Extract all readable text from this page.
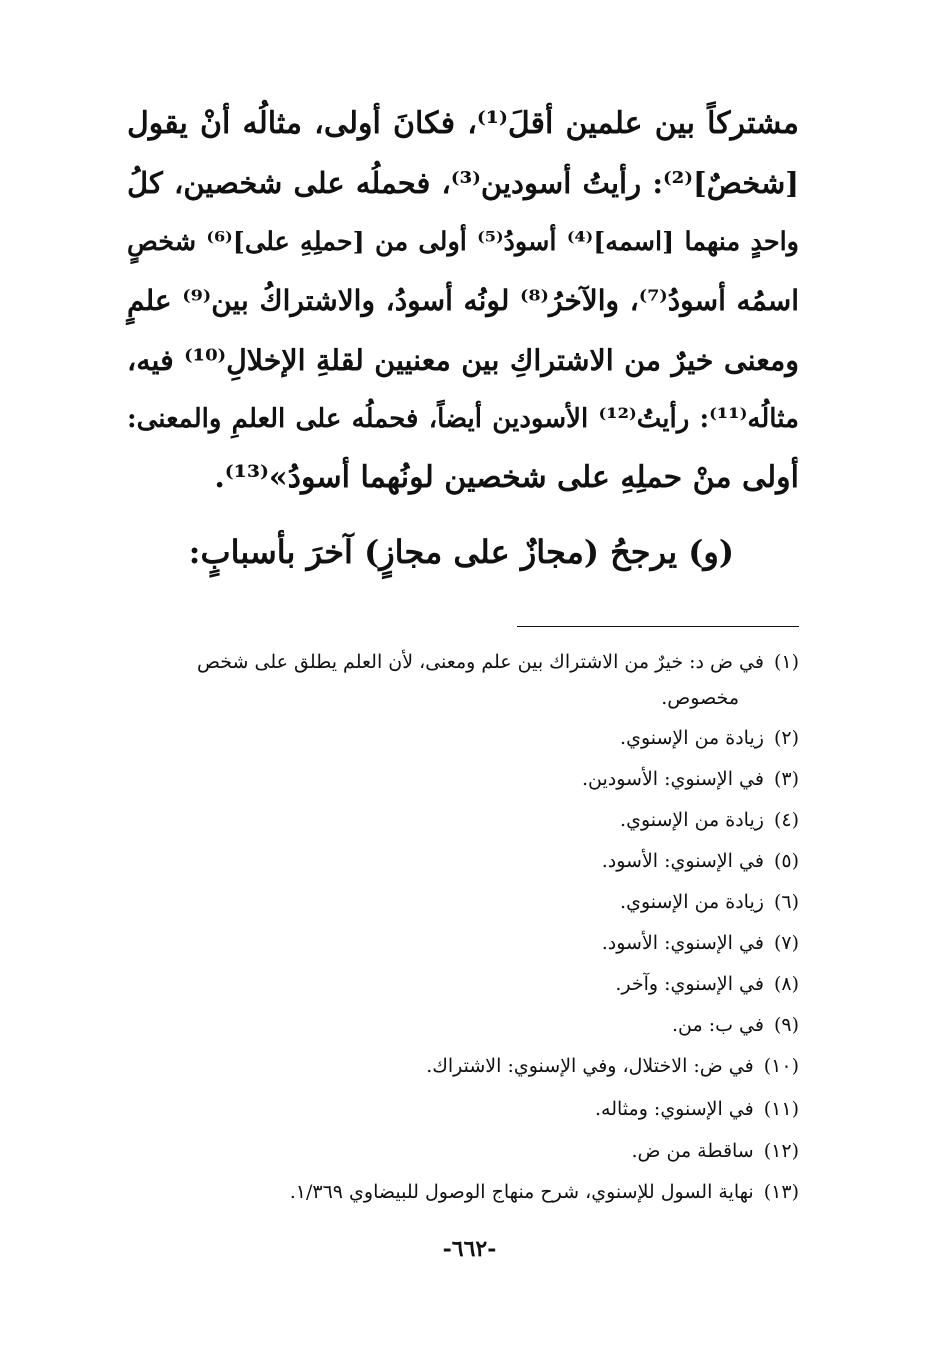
مشتركاً بين علمين أقلَ⁽¹⁾، فكانَ أولى، مثالُه أنْ يقول
[شخصٌ]⁽²⁾: رأيتُ أسودين⁽³⁾، فحملُه على شخصين، كلُ
واحدٍ منهما [اسمه]⁽⁴⁾ أسودُ⁽⁵⁾ أولى من [حملِهِ على]⁽⁶⁾ شخصٍ
اسمُه أسودُ⁽⁷⁾، والآخرُ⁽⁸⁾ لونُه أسودُ، والاشتراكُ بين⁽⁹⁾ علمٍ
ومعنى خيرٌ من الاشتراكِ بين معنيين لقلةِ الإخلالِ⁽¹⁰⁾ فيه،
مثالُه⁽¹¹⁾: رأيتُ⁽¹²⁾ الأسودين أيضاً، فحملُه على العلمِ والمعنى:
أولى منْ حملِهِ على شخصين لونُهما أسودُ»⁽¹³⁾.
(و) يرجحُ (مجازٌ على مجازٍ) آخرَ بأسبابٍ:
(١)في ض د: خيرٌ من الاشتراك بين علم ومعنى، لأن العلم يطلق على شخص
مخصوص.
(٢)زيادة من الإسنوي.
(٣)في الإسنوي: الأسودين.
(٤)زيادة من الإسنوي.
(٥)في الإسنوي: الأسود.
(٦)زيادة من الإسنوي.
(٧)في الإسنوي: الأسود.
(٨)في الإسنوي: وآخر.
(٩)في ب: من.
(١٠)في ض: الاختلال، وفي الإسنوي: الاشتراك.
(١١)في الإسنوي: ومثاله.
(١٢)ساقطة من ض.
(١٣)نهاية السول للإسنوي، شرح منهاج الوصول للبيضاوي ١/٣٦٩.
-٦٦٢-
